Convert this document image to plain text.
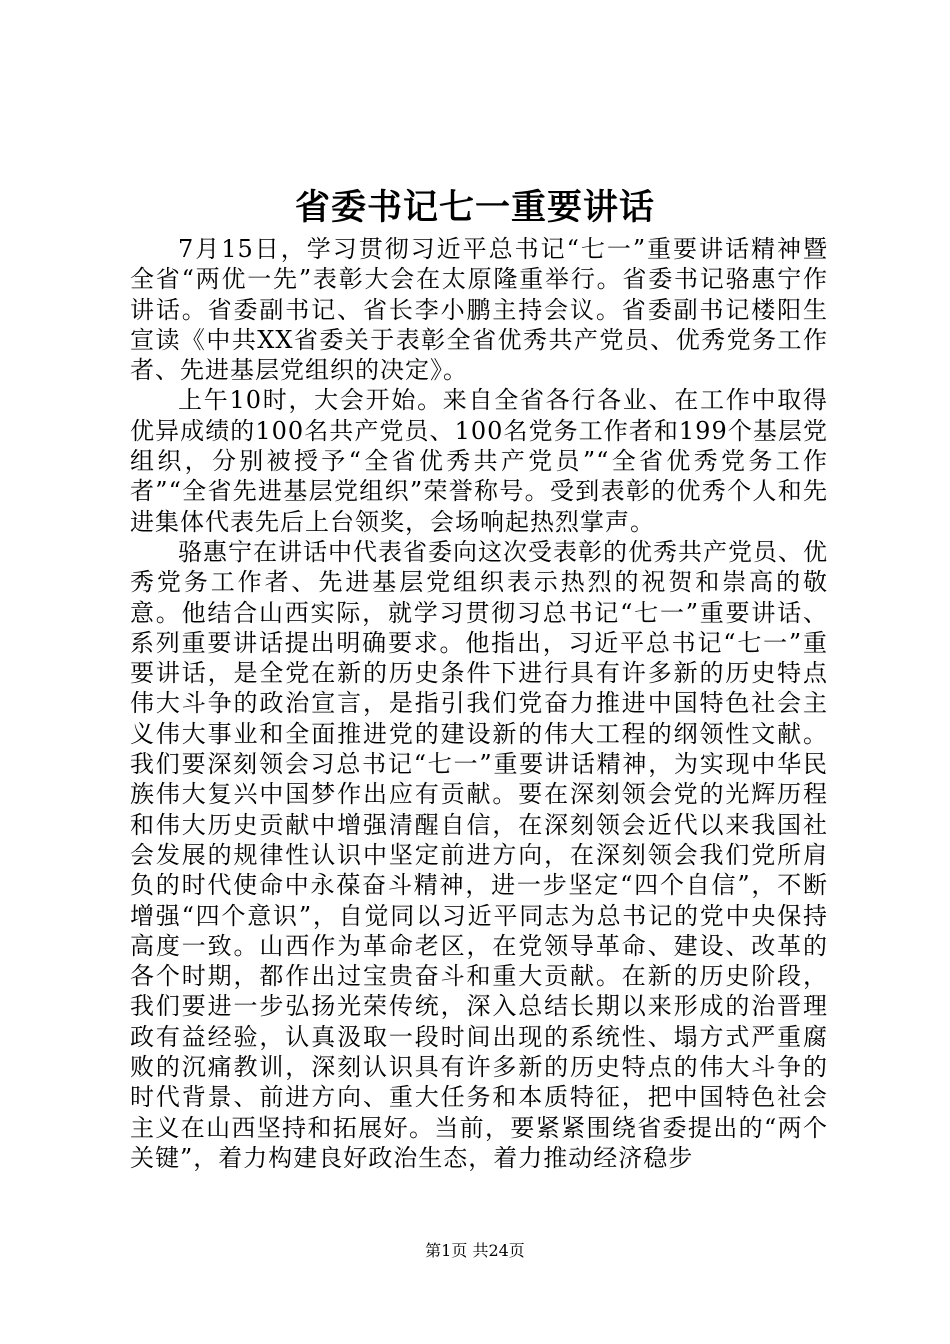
省委书记七一重要讲话

7月15日，学习贯彻习近平总书记“七一”重要讲话精神暨全省“两优一先”表彰大会在太原隆重举行。省委书记骆惠宁作讲话。省委副书记、省长李小鹏主持会议。省委副书记楼阳生宣读《中共XX省委关于表彰全省优秀共产党员、优秀党务工作者、先进基层党组织的决定》。

上午10时，大会开始。来自全省各行各业、在工作中取得优异成绩的100名共产党员、100名党务工作者和199个基层党组织，分别被授予“全省优秀共产党员”“全省优秀党务工作者”“全省先进基层党组织”荣誉称号。受到表彰的优秀个人和先进集体代表先后上台领奖，会场响起热烈掌声。

骆惠宁在讲话中代表省委向这次受表彰的优秀共产党员、优秀党务工作者、先进基层党组织表示热烈的祝贺和崇高的敬意。他结合山西实际，就学习贯彻习总书记“七一”重要讲话、系列重要讲话提出明确要求。他指出，习近平总书记“七一”重要讲话，是全党在新的历史条件下进行具有许多新的历史特点伟大斗争的政治宣言，是指引我们党奋力推进中国特色社会主义伟大事业和全面推进党的建设新的伟大工程的纲领性文献。我们要深刻领会习总书记“七一”重要讲话精神，为实现中华民族伟大复兴中国梦作出应有贡献。要在深刻领会党的光辉历程和伟大历史贡献中增强清醒自信，在深刻领会近代以来我国社会发展的规律性认识中坚定前进方向，在深刻领会我们党所肩负的时代使命中永葆奋斗精神，进一步坚定“四个自信”，不断增强“四个意识”，自觉同以习近平同志为总书记的党中央保持高度一致。山西作为革命老区，在党领导革命、建设、改革的各个时期，都作出过宝贵奋斗和重大贡献。在新的历史阶段，我们要进一步弘扬光荣传统，深入总结长期以来形成的治晋理政有益经验，认真汲取一段时间出现的系统性、塌方式严重腐败的沉痛教训，深刻认识具有许多新的历史特点的伟大斗争的时代背景、前进方向、重大任务和本质特征，把中国特色社会主义在山西坚持和拓展好。当前，要紧紧围绕省委提出的“两个关键”，着力构建良好政治生态，着力推动经济稳步

第1页 共24页
